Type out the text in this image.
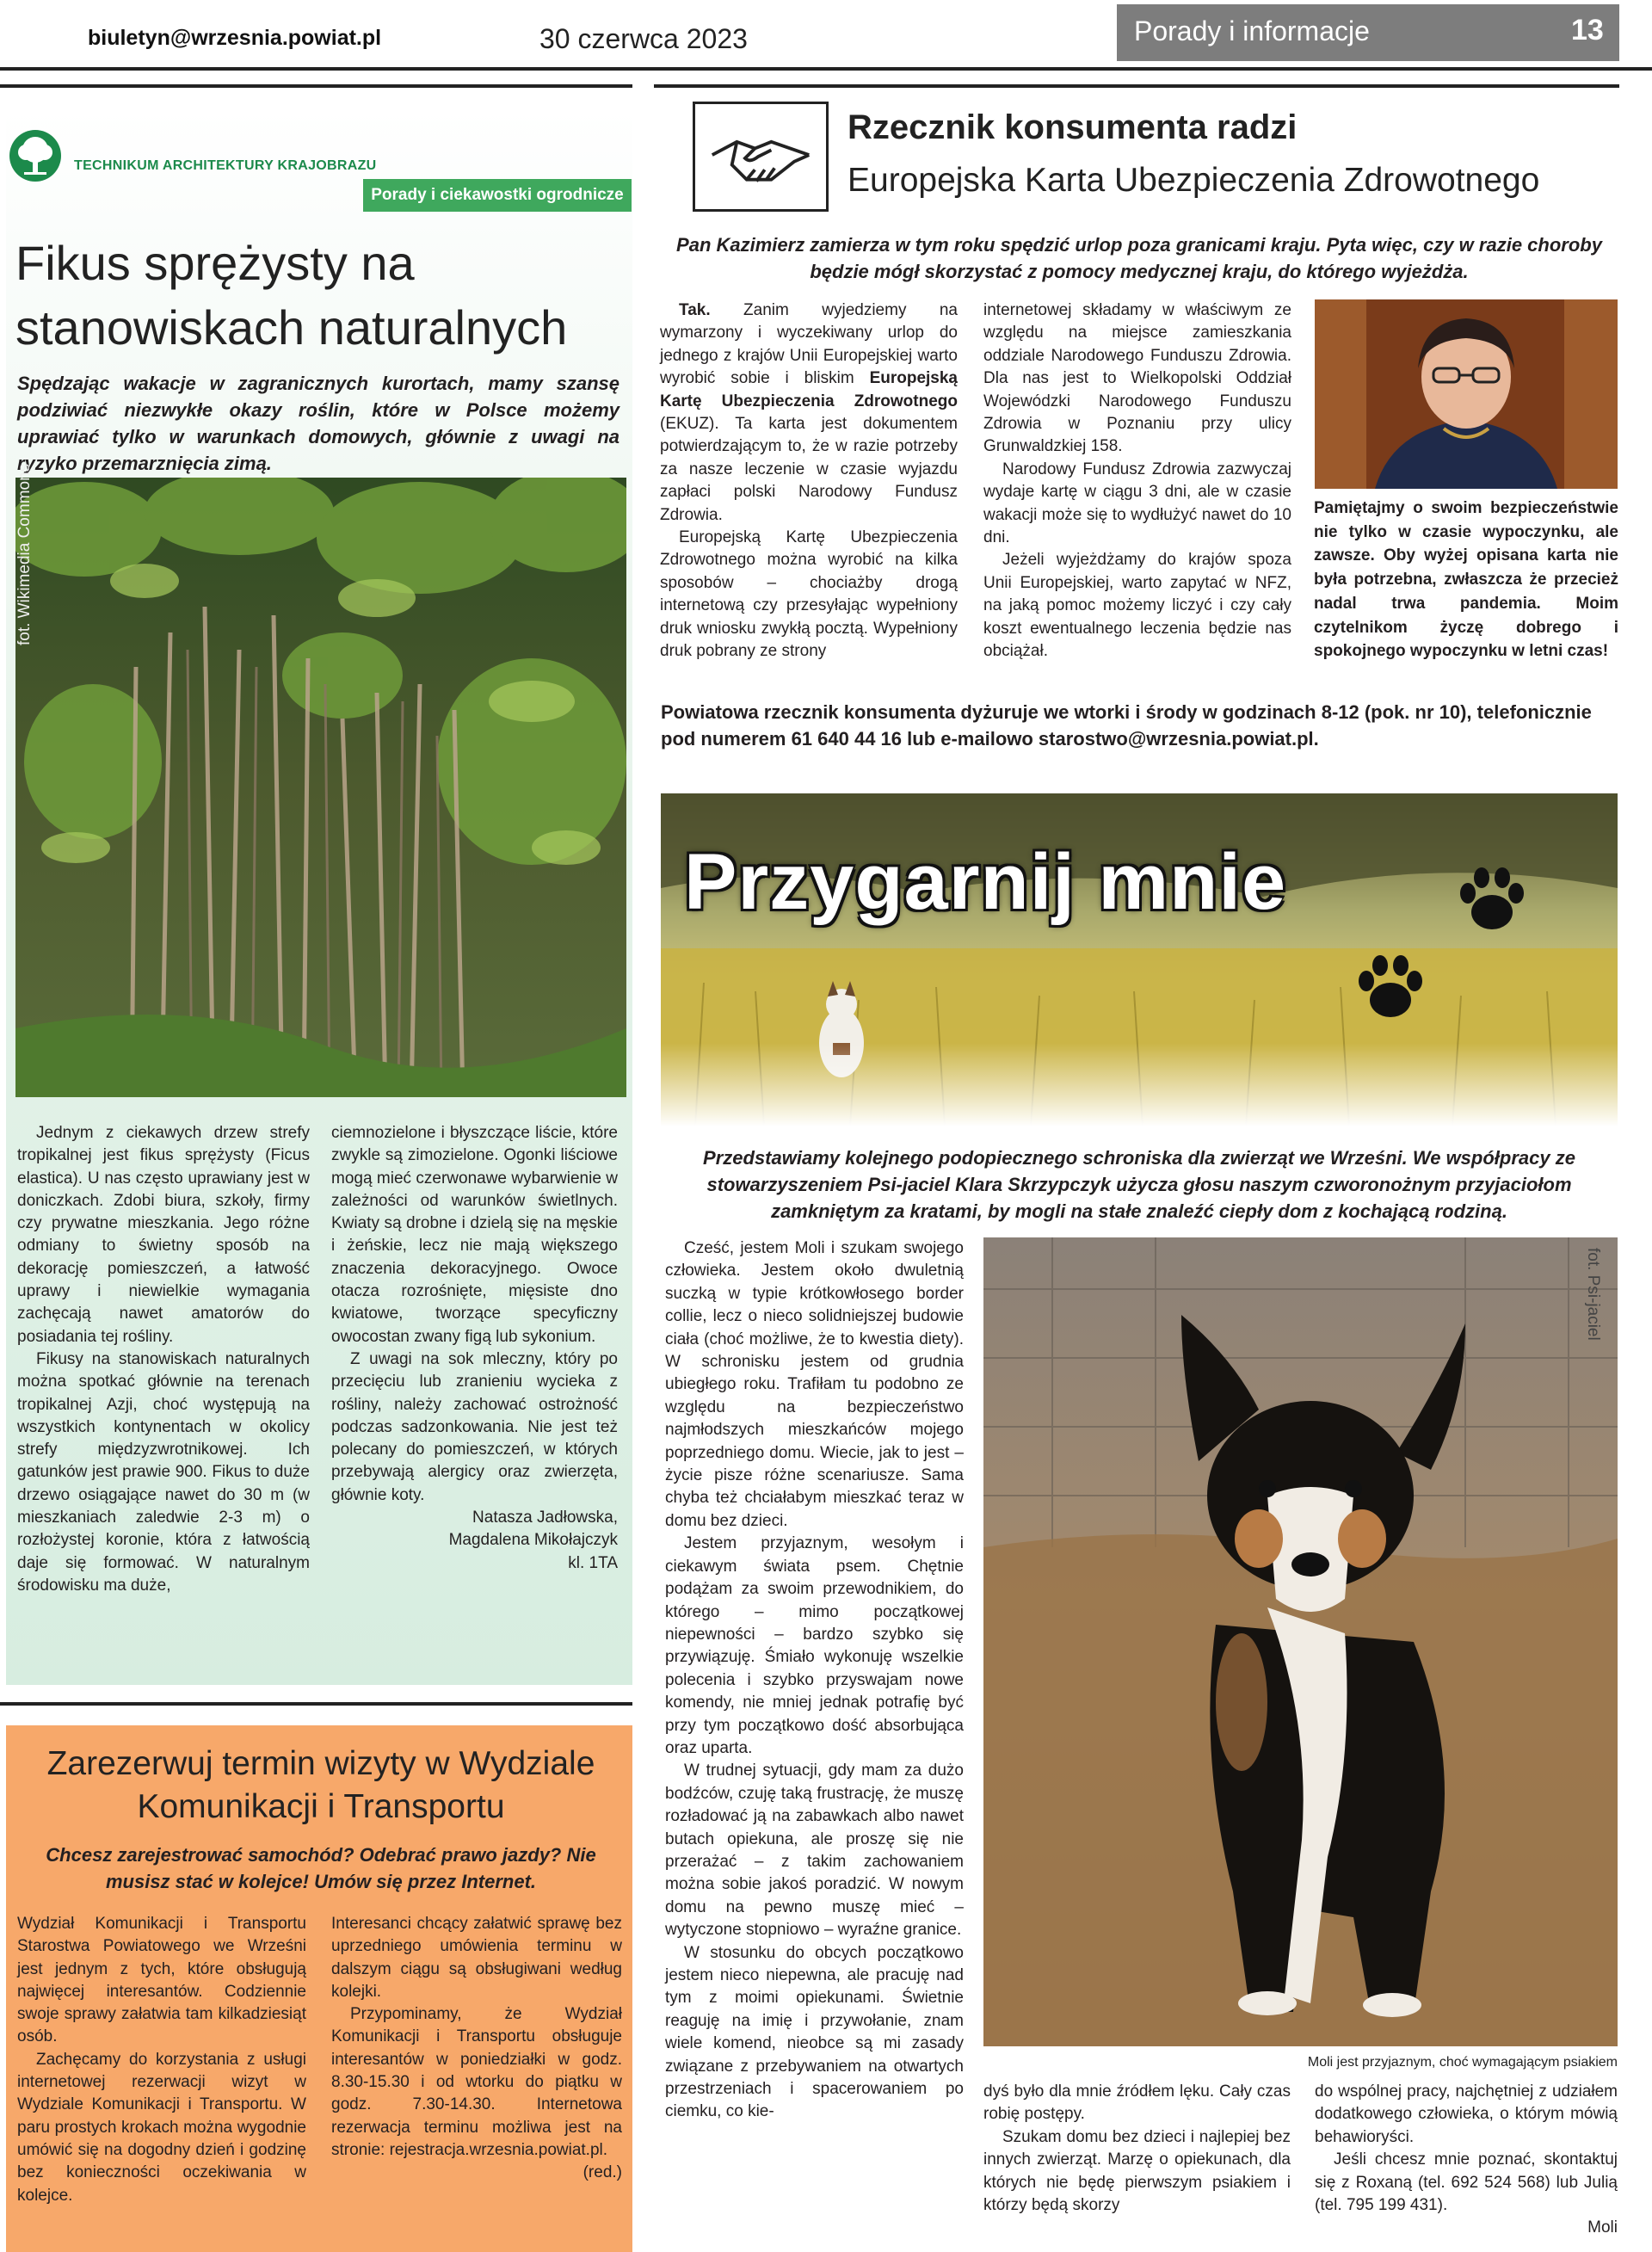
biuletyn@wrzesnia.powiat.pl	30 czerwca 2023	Porady i informacje	13
TECHNIKUM ARCHITEKTURY KRAJOBRAZU
Porady i ciekawostki ogrodnicze
Fikus sprężysty na stanowiskach naturalnych
Spędzając wakacje w zagranicznych kurortach, mamy szansę podziwiać niezwykłe okazy roślin, które w Polsce możemy uprawiać tylko w warunkach domowych, głównie z uwagi na ryzyko przemarznięcia zimą.
fot. Wikimedia Commons

Jednym z ciekawych drzew strefy tropikalnej jest fikus sprężysty (Ficus elastica). U nas często uprawiany jest w doniczkach. Zdobi biura, szkoły, firmy czy prywatne mieszkania. Jego różne odmiany to świetny sposób na dekorację pomieszczeń, a łatwość uprawy i niewielkie wymagania zachęcają nawet amatorów do posiadania tej rośliny.

Fikusy na stanowiskach naturalnych można spotkać głównie na terenach tropikalnej Azji, choć występują na wszystkich kontynentach w okolicy strefy międzyzwrotnikowej. Ich gatunków jest prawie 900. Fikus to duże drzewo osiągające nawet do 30 m (w mieszkaniach zaledwie 2-3 m) o rozłożystej koronie, która z łatwością daje się formować. W naturalnym środowisku ma duże,

ciemnozielone i błyszczące liście, które zwykle są zimozielone. Ogonki liściowe mogą mieć czerwonawe wybarwienie w zależności od warunków świetlnych. Kwiaty są drobne i dzielą się na męskie i żeńskie, lecz nie mają większego znaczenia dekoracyjnego. Owoce otacza rozrośnięte, mięsiste dno kwiatowe, tworzące specyficzny owocostan zwany figą lub sykonium.

Z uwagi na sok mleczny, który po przecięciu lub zranieniu wycieka z rośliny, należy zachować ostrożność podczas sadzonkowania. Nie jest też polecany do pomieszczeń, w których przebywają alergicy oraz zwierzęta, głównie koty.

Natasza Jadłowska,

Magdalena Mikołajczyk

kl. 1TA

Rzecznik konsumenta radzi
Europejska Karta Ubezpieczenia Zdrowotnego
Pan Kazimierz zamierza w tym roku spędzić urlop poza granicami kraju. Pyta więc, czy w razie choroby będzie mógł skorzystać z pomocy medycznej kraju, do którego wyjeżdża.

Tak. Zanim wyjedziemy na wymarzony i wyczekiwany urlop do jednego z krajów Unii Europejskiej warto wyrobić sobie i bliskim Europejską Kartę Ubezpieczenia Zdrowotnego (EKUZ). Ta karta jest dokumentem potwierdzającym to, że w razie potrzeby za nasze leczenie w czasie wyjazdu zapłaci polski Narodowy Fundusz Zdrowia.

Europejską Kartę Ubezpieczenia Zdrowotnego można wyrobić na kilka sposobów – chociażby drogą internetową czy przesyłając wypełniony druk wniosku zwykłą pocztą. Wypełniony druk pobrany ze strony

internetowej składamy w właściwym ze względu na miejsce zamieszkania oddziale Narodowego Funduszu Zdrowia. Dla nas jest to Wielkopolski Oddział Wojewódzki Narodowego Funduszu Zdrowia w Poznaniu przy ulicy Grunwaldzkiej 158.

Narodowy Fundusz Zdrowia zazwyczaj wydaje kartę w ciągu 3 dni, ale w czasie wakacji może się to wydłużyć nawet do 10 dni.

Jeżeli wyjeżdżamy do krajów spoza Unii Europejskiej, warto zapytać w NFZ, na jaką pomoc możemy liczyć i czy cały koszt ewentualnego leczenia będzie nas obciążał.

Pamiętajmy o swoim bezpieczeństwie nie tylko w czasie wypoczynku, ale zawsze. Oby wyżej opisana karta nie była potrzebna, zwłaszcza że przecież nadal trwa pandemia. Moim czytelnikom życzę dobrego i spokojnego wypoczynku w letni czas!
Powiatowa rzecznik konsumenta dyżuruje we wtorki i środy w godzinach 8-12 (pok. nr 10), telefonicznie pod numerem 61 640 44 16 lub e-mailowo starostwo@wrzesnia.powiat.pl.
Przygarnij mnie
Przedstawiamy kolejnego podopiecznego schroniska dla zwierząt we Wrześni. We współpracy ze stowarzyszeniem Psi-jaciel Klara Skrzypczyk użycza głosu naszym czworonożnym przyjaciołom zamkniętym za kratami, by mogli na stałe znaleźć ciepły dom z kochającą rodziną.

Cześć, jestem Moli i szukam swojego człowieka. Jestem około dwuletnią suczką w typie krótkowłosego border collie, lecz o nieco solidniejszej budowie ciała (choć możliwe, że to kwestia diety). W schronisku jestem od grudnia ubiegłego roku. Trafiłam tu podobno ze względu na bezpieczeństwo najmłodszych mieszkańców mojego poprzedniego domu. Wiecie, jak to jest – życie pisze różne scenariusze. Sama chyba też chciałabym mieszkać teraz w domu bez dzieci.

Jestem przyjaznym, wesołym i ciekawym świata psem. Chętnie podążam za swoim przewodnikiem, do którego – mimo początkowej niepewności – bardzo szybko się przywiązuję. Śmiało wykonuję wszelkie polecenia i szybko przyswajam nowe komendy, nie mniej jednak potrafię być przy tym początkowo dość absorbująca oraz uparta.

W trudnej sytuacji, gdy mam za dużo bodźców, czuję taką frustrację, że muszę rozładować ją na zabawkach albo nawet butach opiekuna, ale proszę się nie przerażać – z takim zachowaniem można sobie jakoś poradzić. W nowym domu na pewno muszę mieć – wytyczone stopniowo – wyraźne granice.

W stosunku do obcych początkowo jestem nieco niepewna, ale pracuję nad tym z moimi opiekunami. Świetnie reaguję na imię i przywołanie, znam wiele komend, nieobce są mi zasady związane z przebywaniem na otwartych przestrzeniach i spacerowaniem po ciemku, co kie-

fot. Psi-jaciel
Moli jest przyjaznym, choć wymagającym psiakiem

dyś było dla mnie źródłem lęku. Cały czas robię postępy.

Szukam domu bez dzieci i najlepiej bez innych zwierząt. Marzę o opiekunach, dla których nie będę pierwszym psiakiem i którzy będą skorzy

do wspólnej pracy, najchętniej z udziałem dodatkowego człowieka, o którym mówią behawioryści.

Jeśli chcesz mnie poznać, skontaktuj się z Roxaną (tel. 692 524 568) lub Julią (tel. 795 199 431).

Moli

Zarezerwuj termin wizyty w Wydziale Komunikacji i Transportu
Chcesz zarejestrować samochód? Odebrać prawo jazdy? Nie musisz stać w kolejce! Umów się przez Internet.

Wydział Komunikacji i Transportu Starostwa Powiatowego we Wrześni jest jednym z tych, które obsługują najwięcej interesantów. Codziennie swoje sprawy załatwia tam kilkadziesiąt osób.

Zachęcamy do korzystania z usługi internetowej rezerwacji wizyt w Wydziale Komunikacji i Transportu. W paru prostych krokach można wygodnie umówić się na dogodny dzień i godzinę bez konieczności oczekiwania w kolejce.

Interesanci chcący załatwić sprawę bez uprzedniego umówienia terminu w dalszym ciągu są obsługiwani według kolejki.

Przypominamy, że Wydział Komunikacji i Transportu obsługuje interesantów w poniedziałki w godz. 8.30-15.30 i od wtorku do piątku w godz. 7.30-14.30. Internetowa rezerwacja terminu możliwa jest na stronie: rejestracja.wrzesnia.powiat.pl.

(red.)
